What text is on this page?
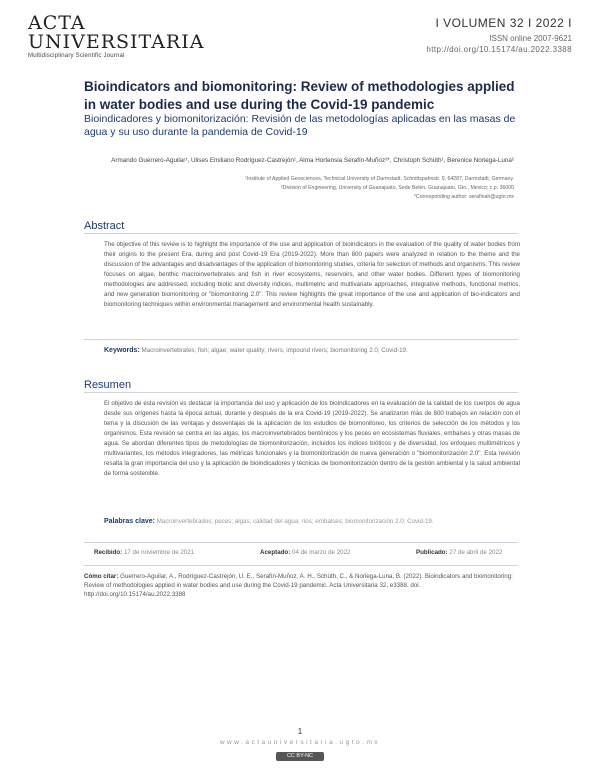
ACTA
UNIVERSITARIA
Multidisciplinary Scientific Journal
I VOLUMEN 32 I 2022 I
ISSN online 2007-9621
http://doi.org/10.15174/au.2022.3388
Bioindicators and biomonitoring: Review of methodologies applied in water bodies and use during the Covid-19 pandemic
Bioindicadores y biomonitorización: Revisión de las metodologías aplicadas en las masas de agua y su uso durante la pandemia de Covid-19
Armando Guerrero-Aguilar¹, Ulises Emiliano Rodríguez-Castrejón¹, Alma Hortensia Serafín-Muñoz²*, Christoph Schüth¹, Berenice Noriega-Luna²
¹Institute of Applied Geosciences, Technical University of Darmstadt, Schnittspahnstr. 9, 64287, Darmstadt, Germany.
²Division of Engineering, University of Guanajuato, Sede Belén, Guanajuato, Gto., Mexico; c.p. 36000
*Corresponding author: serafinah@ugto.mx
Abstract
The objective of this review is to highlight the importance of the use and application of bioindicators in the evaluation of the quality of water bodies from their origins to the present Era, during and post Covid-19 Era (2019-2022). More than 800 papers were analyzed in relation to the theme and the discussion of the advantages and disadvantages of the application of biomonitoring studies, criteria for selection of methods and organisms. This review focuses on algae, benthic macroinvertebrates and fish in river ecosystems, reservoirs, and other water bodies. Different types of biomonitoring methodologies are addressed, including biotic and diversity indices, multimetric and multivariate approaches, integrative methods, functional metrics, and new generation biomonitoring or "biomonitoring 2.0". This review highlights the great importance of the use and application of bio-indicators and biomonitoring techniques within environmental management and environmental health sustainably.
Keywords: Macroinvertebrates; fish; algae; water quality; rivers; impound rivers; biomonitoring 2.0; Covid-19.
Resumen
El objetivo de esta revisión es destacar la importancia del uso y aplicación de los bioindicadores en la evaluación de la calidad de los cuerpos de agua desde sus orígenes hasta la época actual, durante y después de la era Covid-19 (2019-2022). Se analizaron más de 800 trabajos en relación con el tema y la discusión de las ventajas y desventajas de la aplicación de los estudios de biomonitoreo, los criterios de selección de los métodos y los organismos. Esta revisión se centra en las algas, los macroinvertebrados bentónicos y los peces en ecosistemas fluviales, embalses y otras masas de agua. Se abordan diferentes tipos de metodologías de biomonitorización, incluidos los índices bióticos y de diversidad, los enfoques multimétricos y multivariantes, los métodos integradores, las métricas funcionales y la biomonitorización de nueva generación o "biomonitorización 2.0". Esta revisión resalta la gran importancia del uso y la aplicación de bioindicadores y técnicas de biomonitorización dentro de la gestión ambiental y la salud ambiental de forma sostenible.
Palabras clave: Macroinvertebrados; peces; algas; calidad del agua; ríos; embalses; biomonitorización 2.0; Covid-19.
Recibido: 17 de noviembre de 2021	Aceptado: 04 de marzo de 2022	Publicado: 27 de abril de 2022
Cómo citar: Guerrero-Aguilar, A., Rodríguez-Castrejón, U. E., Serafín-Muñoz, A. H., Schüth, C., & Noriega-Luna, B. (2022). Bioindicators and biomonitoring: Review of methodologies applied in water bodies and use during the Covid-19 pandemic. Acta Universitaria 32, e3388. doi. http://doi.org/10.15174/au.2022.3388
1
www.actauniversitaria.ugto.mx
CC BY-NC
